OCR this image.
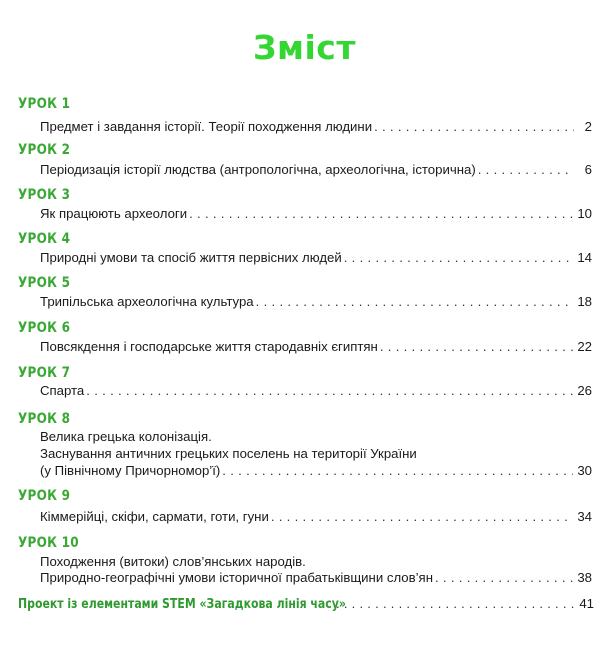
Зміст
УРОК 1
Предмет і завдання історії. Теорії походження людини . . .	2
УРОК 2
Періодизація історії людства (антропологічна, археологічна, історична) . . .	6
УРОК 3
Як працюють археологи . . .	10
УРОК 4
Природні умови та спосіб життя первісних людей . . .	14
УРОК 5
Трипільська археологічна культура . . .	18
УРОК 6
Повсякдення і господарське життя стародавніх єгиптян . . .	22
УРОК 7
Спарта . . .	26
УРОК 8
Велика грецька колонізація.
Заснування античних грецьких поселень на території України
(у Північному Причорномор’ї) . . .	30
УРОК 9
Кіммерійці, скіфи, сармати, готи, гуни . . .	34
УРОК 10
Походження (витоки) слов’янських народів.
Природно-географічні умови історичної прабатьківщини слов’ян . . .	38
Проект із елементами STEM «Загадкова лінія часу» . . .	41
